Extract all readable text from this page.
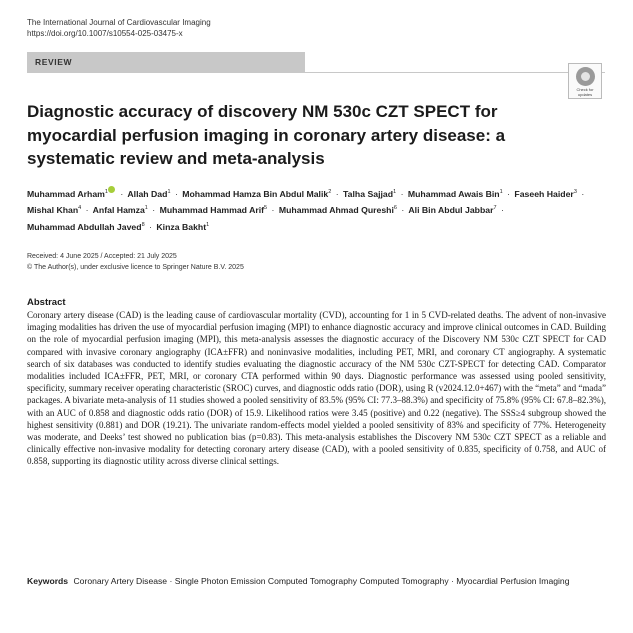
The International Journal of Cardiovascular Imaging
https://doi.org/10.1007/s10554-025-03475-x
REVIEW
Check for updates
Diagnostic accuracy of discovery NM 530c CZT SPECT for myocardial perfusion imaging in coronary artery disease: a systematic review and meta-analysis
Muhammad Arham$^1$ · Allah Dad$^1$ · Mohammad Hamza Bin Abdul Malik$^2$ · Talha Sajjad$^1$ · Muhammad Awais Bin$^1$ · Faseeh Haider$^3$ · Mishal Khan$^4$ · Anfal Hamza$^1$ · Muhammad Hammad Arif$^5$ · Muhammad Ahmad Qureshi$^6$ · Ali Bin Abdul Jabbar$^7$ · Muhammad Abdullah Javed$^8$ · Kinza Bakht$^1$
Received: 4 June 2025 / Accepted: 21 July 2025
© The Author(s), under exclusive licence to Springer Nature B.V. 2025
Abstract
Coronary artery disease (CAD) is the leading cause of cardiovascular mortality (CVD), accounting for 1 in 5 CVD-related deaths. The advent of non-invasive imaging modalities has driven the use of myocardial perfusion imaging (MPI) to enhance diagnostic accuracy and improve clinical outcomes in CAD. Building on the role of myocardial perfusion imaging (MPI), this meta-analysis assesses the diagnostic accuracy of the Discovery NM 530c CZT SPECT for CAD compared with invasive coronary angiography (ICA±FFR) and noninvasive modalities, including PET, MRI, and coronary CT angiography. A systematic search of six databases was conducted to identify studies evaluating the diagnostic accuracy of the NM 530c CZT-SPECT for detecting CAD. Comparator modalities included ICA±FFR, PET, MRI, or coronary CTA performed within 90 days. Diagnostic performance was assessed using pooled sensitivity, specificity, summary receiver operating characteristic (SROC) curves, and diagnostic odds ratio (DOR), using R (v2024.12.0+467) with the “meta” and “mada” packages. A bivariate meta-analysis of 11 studies showed a pooled sensitivity of 83.5% (95% CI: 77.3–88.3%) and specificity of 75.8% (95% CI: 67.8–82.3%), with an AUC of 0.858 and diagnostic odds ratio (DOR) of 15.9. Likelihood ratios were 3.45 (positive) and 0.22 (negative). The SSS≥4 subgroup showed the highest sensitivity (0.881) and DOR (19.21). The univariate random-effects model yielded a pooled sensitivity of 83% and specificity of 77%. Heterogeneity was moderate, and Deeks’ test showed no publication bias (p=0.83). This meta-analysis establishes the Discovery NM 530c CZT SPECT as a reliable and clinically effective non-invasive modality for detecting coronary artery disease (CAD), with a pooled sensitivity of 0.835, specificity of 0.758, and AUC of 0.858, supporting its diagnostic utility across diverse clinical settings.
Keywords Coronary Artery Disease · Single Photon Emission Computed Tomography Computed Tomography · Myocardial Perfusion Imaging
